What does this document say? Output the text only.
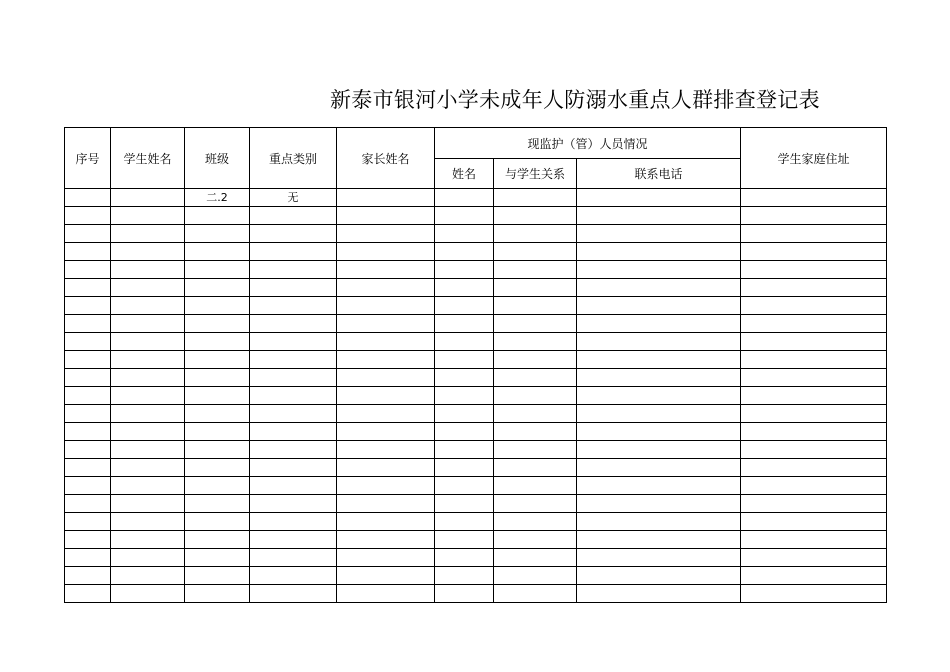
新泰市银河小学未成年人防溺水重点人群排查登记表
序号	学生姓名	班级	重点类别	家长姓名	现监护（管）人员情况			学生家庭住址
					姓名	与学生关系	联系电话	
		二.2	无					
